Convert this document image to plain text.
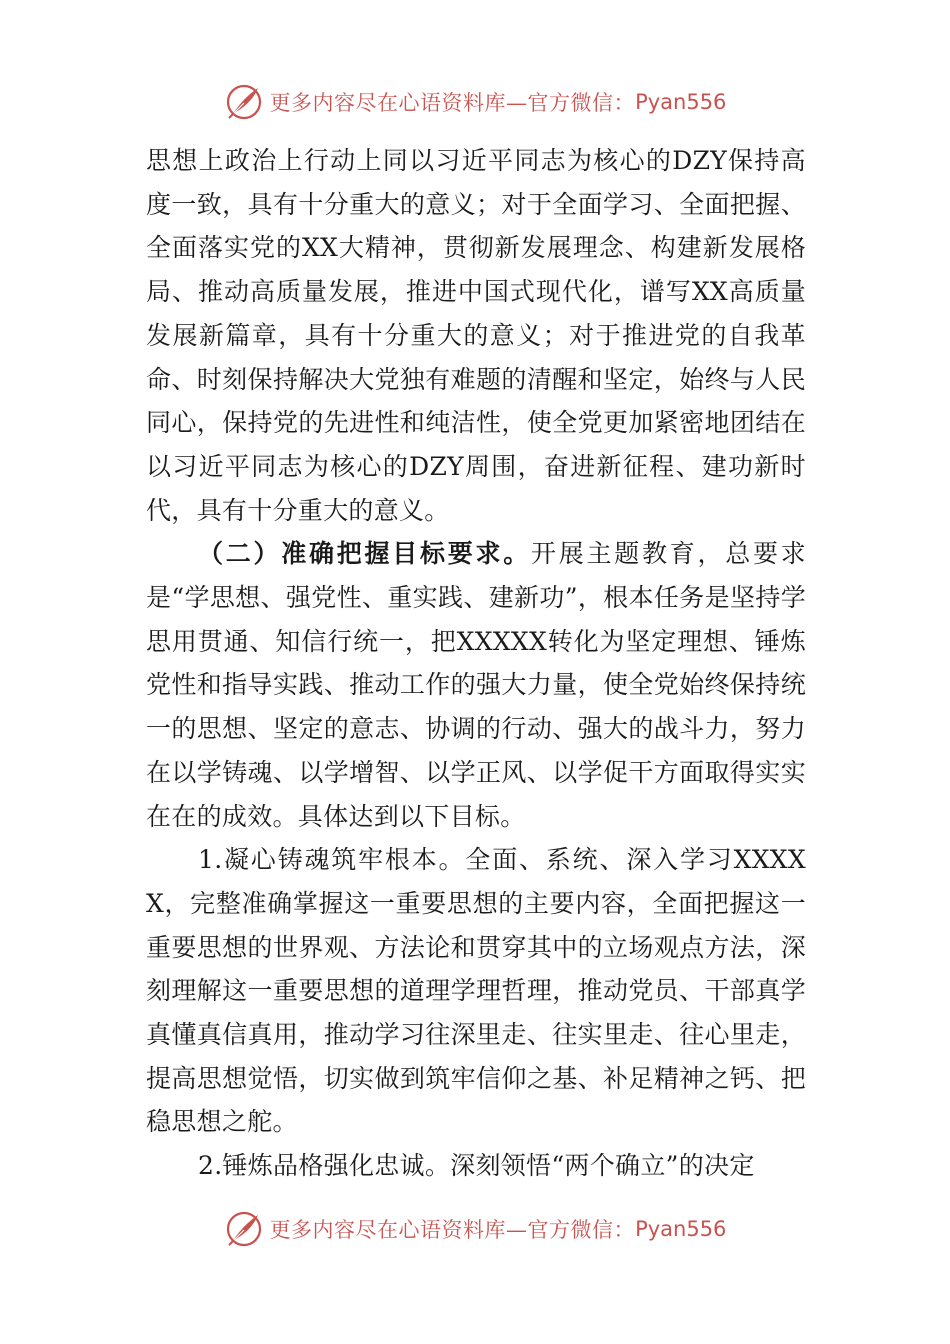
更多内容尽在心语资料库—官方微信： Pyan556

思想上政治上行动上同以习近平同志为核心的DZY保持高度一致，具有十分重大的意义；对于全面学习、全面把握、全面落实党的XX大精神，贯彻新发展理念、构建新发展格局、推动高质量发展，推进中国式现代化，谱写XX高质量发展新篇章，具有十分重大的意义；对于推进党的自我革命、时刻保持解决大党独有难题的清醒和坚定，始终与人民同心，保持党的先进性和纯洁性，使全党更加紧密地团结在以习近平同志为核心的DZY周围，奋进新征程、建功新时代，具有十分重大的意义。

（二）准确把握目标要求。开展主题教育，总要求是“学思想、强党性、重实践、建新功”，根本任务是坚持学思用贯通、知信行统一，把XXXXX转化为坚定理想、锤炼党性和指导实践、推动工作的强大力量，使全党始终保持统一的思想、坚定的意志、协调的行动、强大的战斗力，努力在以学铸魂、以学增智、以学正风、以学促干方面取得实实在在的成效。具体达到以下目标。

1.凝心铸魂筑牢根本。全面、系统、深入学习XXXXX，完整准确掌握这一重要思想的主要内容，全面把握这一重要思想的世界观、方法论和贯穿其中的立场观点方法，深刻理解这一重要思想的道理学理哲理，推动党员、干部真学真懂真信真用，推动学习往深里走、往实里走、往心里走，提高思想觉悟，切实做到筑牢信仰之基、补足精神之钙、把稳思想之舵。

2.锤炼品格强化忠诚。深刻领悟“两个确立”的决定

更多内容尽在心语资料库—官方微信： Pyan556
